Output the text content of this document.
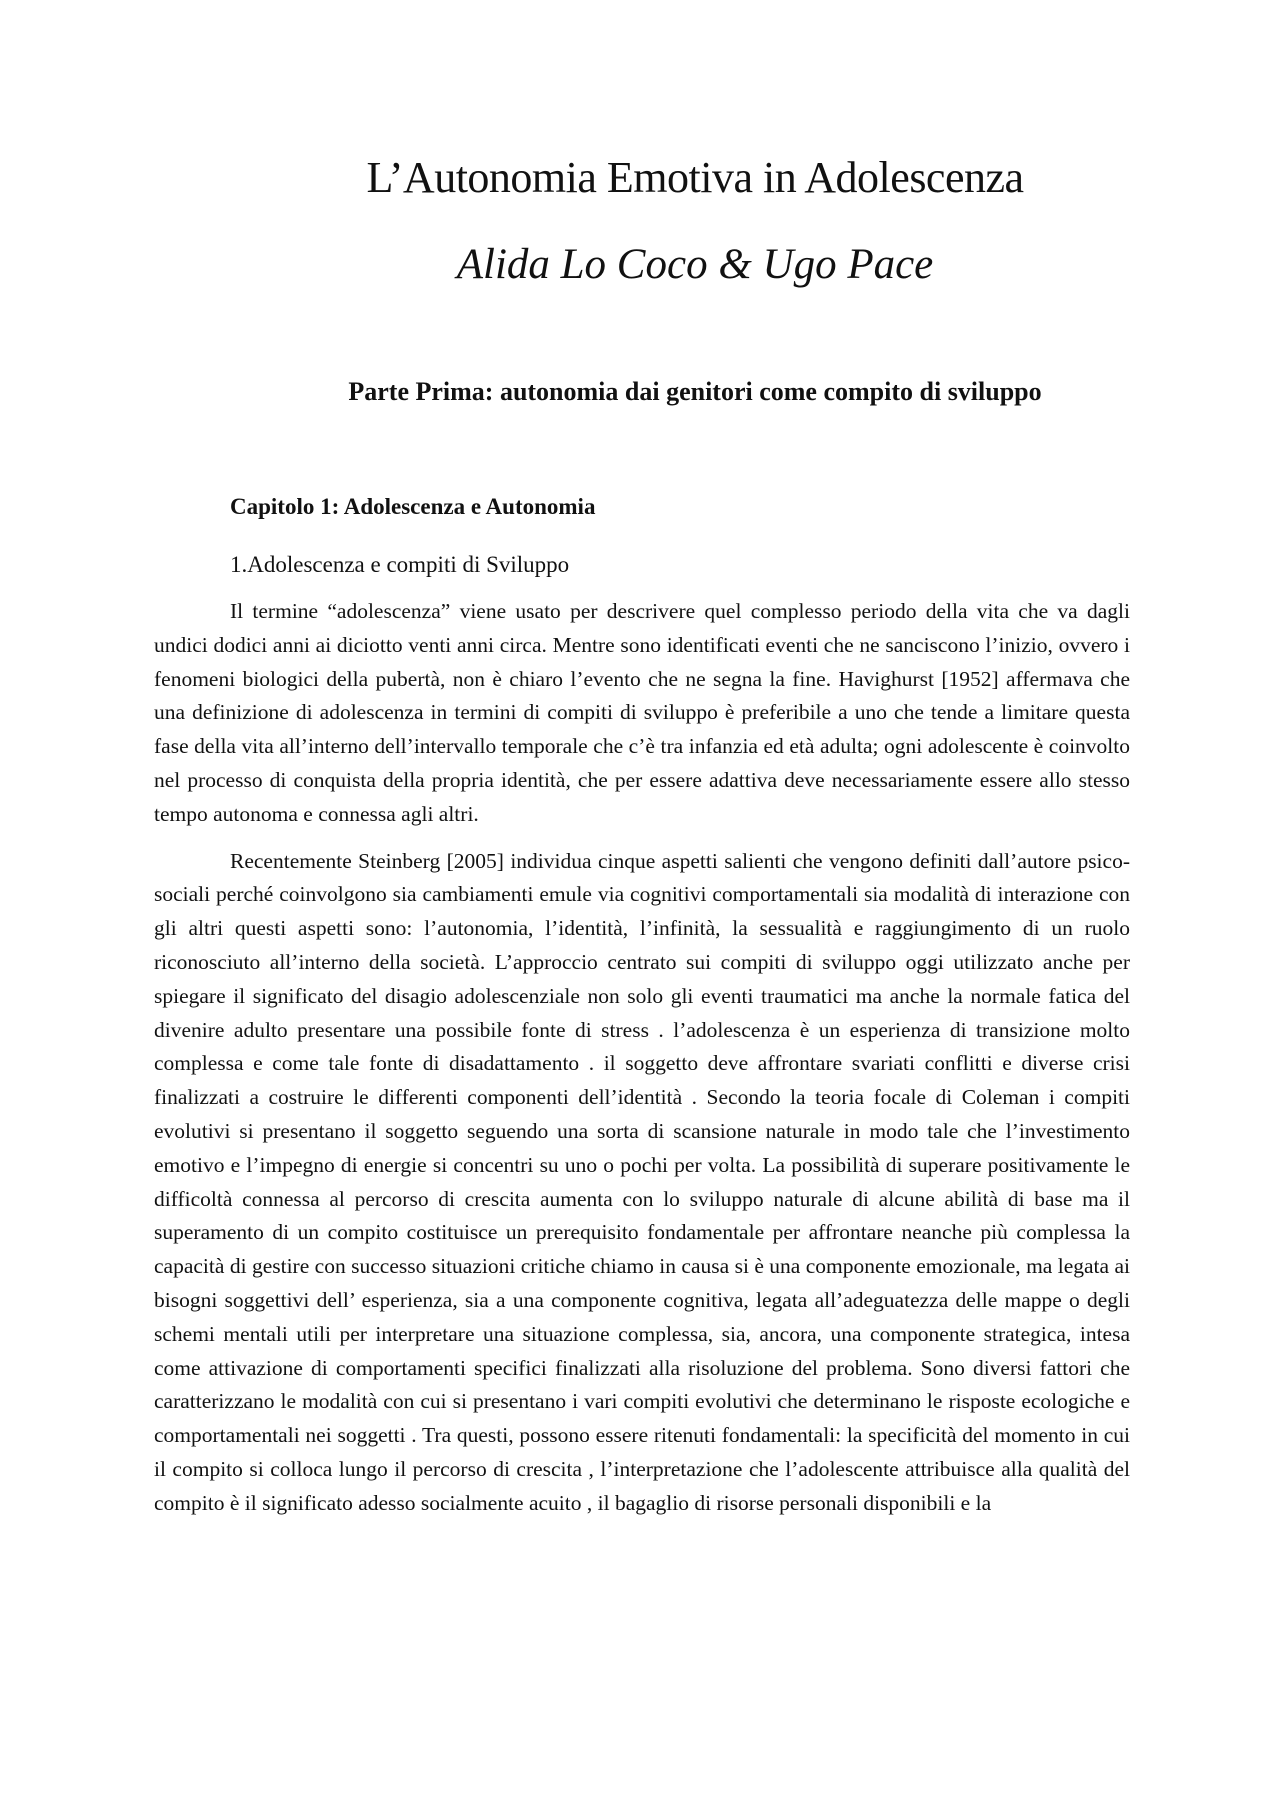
L’Autonomia Emotiva in Adolescenza
Alida Lo Coco & Ugo Pace
Parte Prima: autonomia dai genitori come compito di sviluppo
Capitolo 1: Adolescenza e Autonomia
1.Adolescenza e compiti di Sviluppo

Il termine “adolescenza” viene usato per descrivere quel complesso periodo della vita che va dagli undici dodici anni ai diciotto venti anni circa. Mentre sono identificati eventi che ne sanciscono l’inizio, ovvero i fenomeni biologici della pubertà, non è chiaro l’evento che ne segna la fine. Havighurst [1952] affermava che una definizione di adolescenza in termini di compiti di sviluppo è preferibile a uno che tende a limitare questa fase della vita all’interno dell’intervallo temporale che c’è tra infanzia ed età adulta; ogni adolescente è coinvolto nel processo di conquista della propria identità, che per essere adattiva deve necessariamente essere allo stesso tempo autonoma e connessa agli altri.

Recentemente Steinberg [2005] individua cinque aspetti salienti che vengono definiti dall’autore psico-sociali perché coinvolgono sia cambiamenti emule via cognitivi comportamentali sia modalità di interazione con gli altri questi aspetti sono: l’autonomia, l’identità, l’infinità, la sessualità e raggiungimento di un ruolo riconosciuto all’interno della società. L’approccio centrato sui compiti di sviluppo oggi utilizzato anche per spiegare il significato del disagio adolescenziale non solo gli eventi traumatici ma anche la normale fatica del divenire adulto presentare una possibile fonte di stress . l’adolescenza è un esperienza di transizione molto complessa e come tale fonte di disadattamento . il soggetto deve affrontare svariati conflitti e diverse crisi finalizzati a costruire le differenti componenti dell’identità . Secondo la teoria focale di Coleman i compiti evolutivi si presentano il soggetto seguendo una sorta di scansione naturale in modo tale che l’investimento emotivo e l’impegno di energie si concentri su uno o pochi per volta. La possibilità di superare positivamente le difficoltà connessa al percorso di crescita aumenta con lo sviluppo naturale di alcune abilità di base ma il superamento di un compito costituisce un prerequisito fondamentale per affrontare neanche più complessa la capacità di gestire con successo situazioni critiche chiamo in causa si è una componente emozionale, ma legata ai bisogni soggettivi dell’ esperienza, sia a una componente cognitiva, legata all’adeguatezza delle mappe o degli schemi mentali utili per interpretare una situazione complessa, sia, ancora, una componente strategica, intesa come attivazione di comportamenti specifici finalizzati alla risoluzione del problema. Sono diversi fattori che caratterizzano le modalità con cui si presentano i vari compiti evolutivi che determinano le risposte ecologiche e comportamentali nei soggetti . Tra questi, possono essere ritenuti fondamentali: la specificità del momento in cui il compito si colloca lungo il percorso di crescita , l’interpretazione che l’adolescente attribuisce alla qualità del compito è il significato adesso socialmente acuito , il bagaglio di risorse personali disponibili e la
